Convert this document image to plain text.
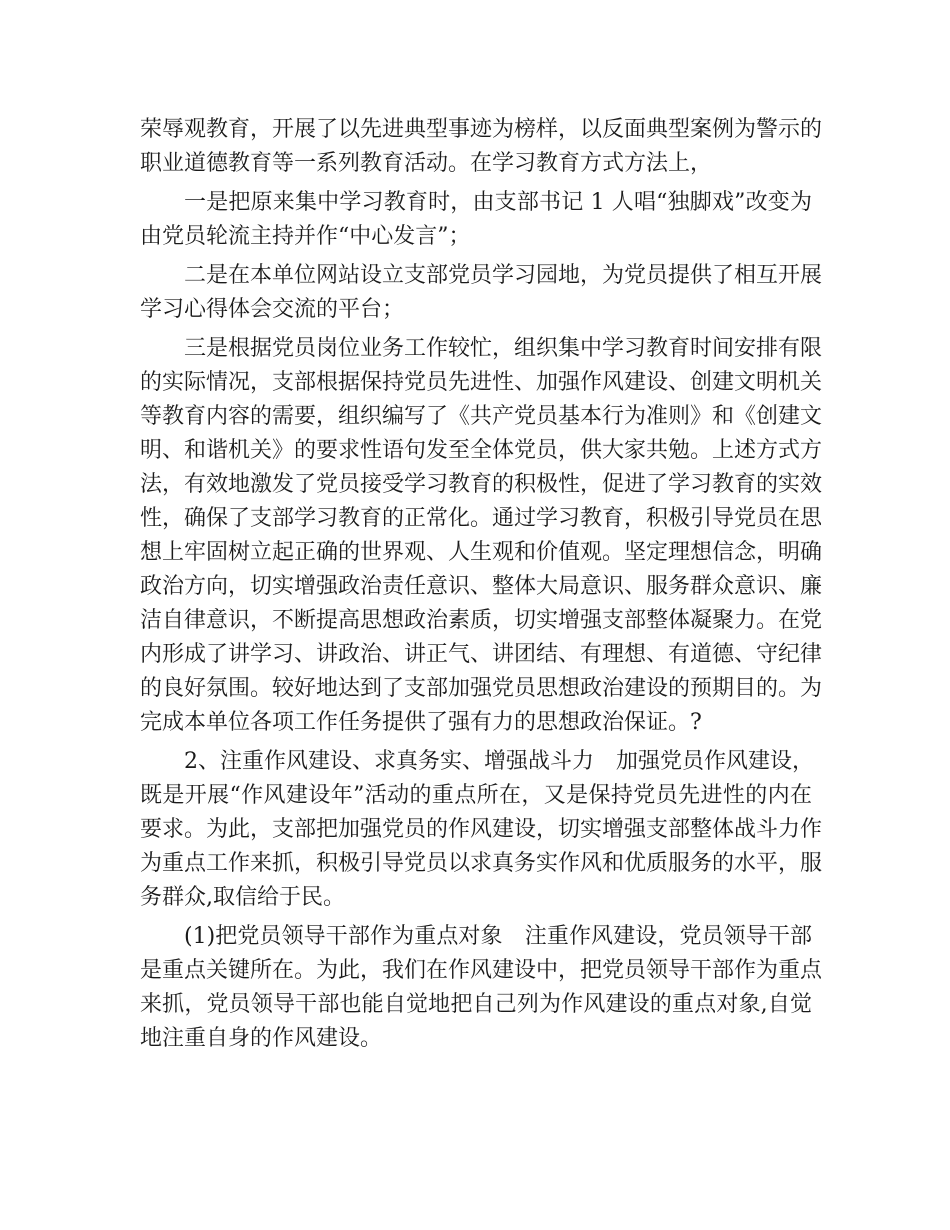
荣辱观教育，开展了以先进典型事迹为榜样，以反面典型案例为警示的
职业道德教育等一系列教育活动。在学习教育方式方法上，
一是把原来集中学习教育时，由支部书记 1 人唱“独脚戏”改变为
由党员轮流主持并作“中心发言”；
二是在本单位网站设立支部党员学习园地，为党员提供了相互开展
学习心得体会交流的平台；
三是根据党员岗位业务工作较忙，组织集中学习教育时间安排有限
的实际情况，支部根据保持党员先进性、加强作风建设、创建文明机关
等教育内容的需要，组织编写了《共产党员基本行为准则》和《创建文
明、和谐机关》的要求性语句发至全体党员，供大家共勉。上述方式方
法，有效地激发了党员接受学习教育的积极性，促进了学习教育的实效
性，确保了支部学习教育的正常化。通过学习教育，积极引导党员在思
想上牢固树立起正确的世界观、人生观和价值观。坚定理想信念，明确
政治方向，切实增强政治责任意识、整体大局意识、服务群众意识、廉
洁自律意识，不断提高思想政治素质，切实增强支部整体凝聚力。在党
内形成了讲学习、讲政治、讲正气、讲团结、有理想、有道德、守纪律
的良好氛围。较好地达到了支部加强党员思想政治建设的预期目的。为
完成本单位各项工作任务提供了强有力的思想政治保证。?
2、注重作风建设、求真务实、增强战斗力　加强党员作风建设，
既是开展“作风建设年”活动的重点所在，又是保持党员先进性的内在
要求。为此，支部把加强党员的作风建设，切实增强支部整体战斗力作
为重点工作来抓，积极引导党员以求真务实作风和优质服务的水平，服
务群众,取信给于民。
(1)把党员领导干部作为重点对象　注重作风建设，党员领导干部
是重点关键所在。为此，我们在作风建设中，把党员领导干部作为重点
来抓，党员领导干部也能自觉地把自己列为作风建设的重点对象,自觉
地注重自身的作风建设。
